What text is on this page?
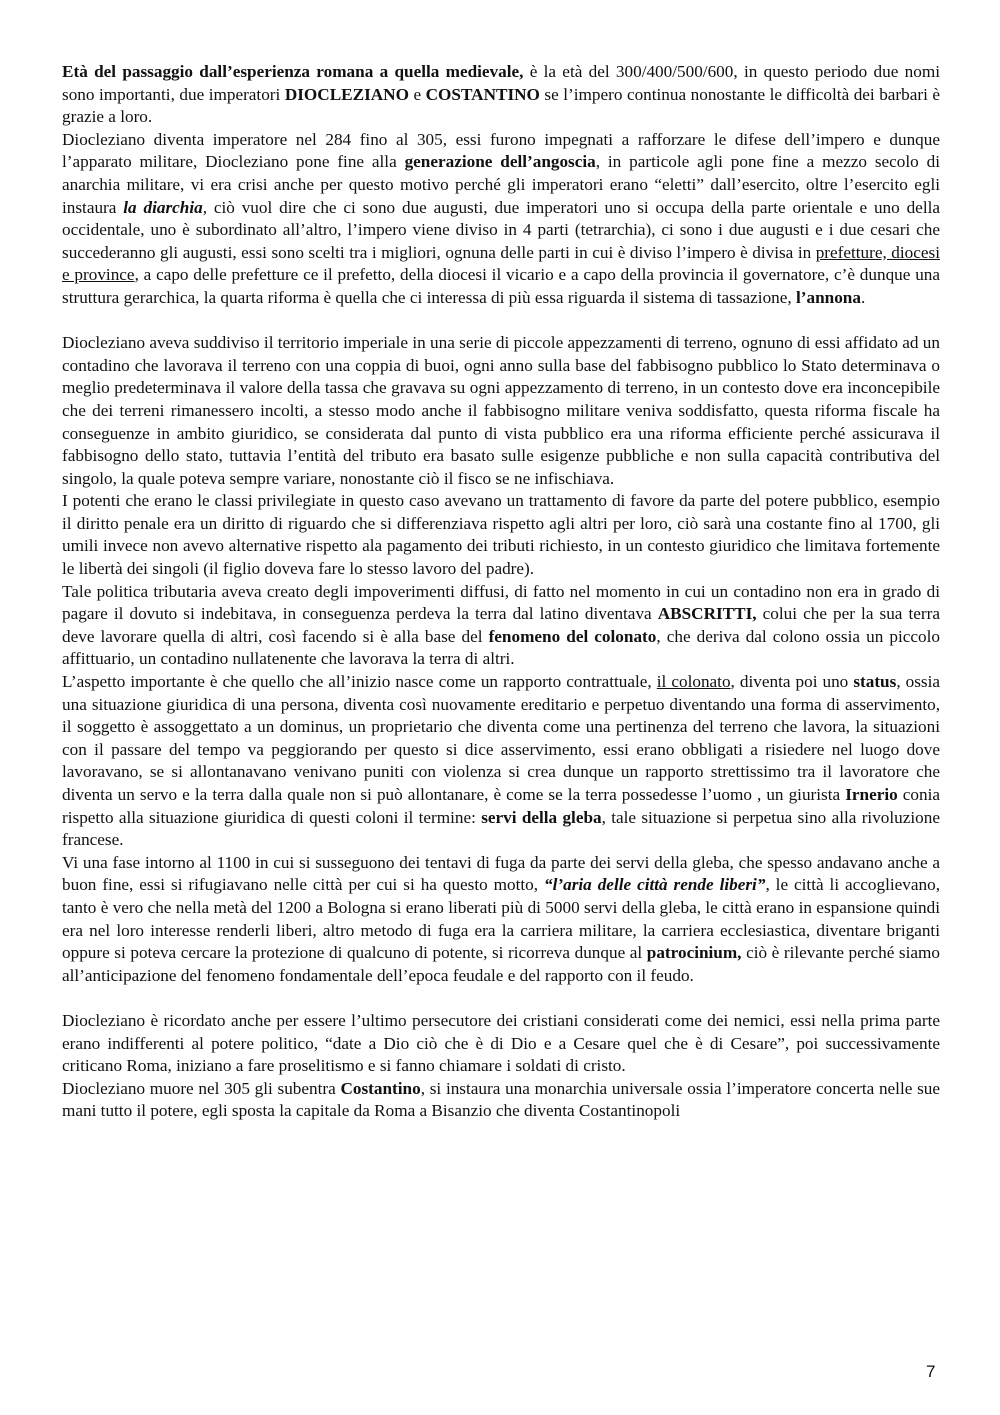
Età del passaggio dall’esperienza romana a quella medievale, è la età del 300/400/500/600, in questo periodo due nomi sono importanti, due imperatori DIOCLEZIANO e COSTANTINO se l’impero continua nonostante le difficoltà dei barbari è grazie a loro.

Diocleziano diventa imperatore nel 284 fino al 305, essi furono impegnati a rafforzare le difese dell’impero e dunque l’apparato militare, Diocleziano pone fine alla generazione dell’angoscia, in particole agli pone fine a mezzo secolo di anarchia militare, vi era crisi anche per questo motivo perché gli imperatori erano “eletti” dall’esercito, oltre l’esercito egli instaura la diarchia, ciò vuol dire che ci sono due augusti, due imperatori uno si occupa della parte orientale e uno della occidentale, uno è subordinato all’altro, l’impero viene diviso in 4 parti (tetrarchia), ci sono i due augusti e i due cesari che succederanno gli augusti, essi sono scelti tra i migliori, ognuna delle parti in cui è diviso l’impero è divisa in prefetture, diocesi e province, a capo delle prefetture ce il prefetto, della diocesi il vicario e a capo della provincia il governatore, c’è dunque una struttura gerarchica, la quarta riforma è quella che ci interessa di più essa riguarda il sistema di tassazione, l’annona.

Diocleziano aveva suddiviso il territorio imperiale in una serie di piccole appezzamenti di terreno, ognuno di essi affidato ad un contadino che lavorava il terreno con una coppia di buoi, ogni anno sulla base del fabbisogno pubblico lo Stato determinava o meglio predeterminava il valore della tassa che gravava su ogni appezzamento di terreno, in un contesto dove era inconcepibile che dei terreni rimanessero incolti, a stesso modo anche il fabbisogno militare veniva soddisfatto, questa riforma fiscale ha conseguenze in ambito giuridico, se considerata dal punto di vista pubblico era una riforma efficiente perché assicurava il fabbisogno dello stato, tuttavia l’entità del tributo era basato sulle esigenze pubbliche e non sulla capacità contributiva del singolo, la quale poteva sempre variare, nonostante ciò il fisco se ne infischiava.

I potenti che erano le classi privilegiate in questo caso avevano un trattamento di favore da parte del potere pubblico, esempio il diritto penale era un diritto di riguardo che si differenziava rispetto agli altri per loro, ciò sarà una costante fino al 1700, gli umili invece non avevo alternative rispetto ala pagamento dei tributi richiesto, in un contesto giuridico che limitava fortemente le libertà dei singoli (il figlio doveva fare lo stesso lavoro del padre).

Tale politica tributaria aveva creato degli impoverimenti diffusi, di fatto nel momento in cui un contadino non era in grado di pagare il dovuto si indebitava, in conseguenza perdeva la terra dal latino diventava ABSCRITTI, colui che per la sua terra deve lavorare quella di altri, così facendo si è alla base del fenomeno del colonato, che deriva dal colono ossia un piccolo affittuario, un contadino nullatenente che lavorava la terra di altri.

L’aspetto importante è che quello che all’inizio nasce come un rapporto contrattuale, il colonato, diventa poi uno status, ossia una situazione giuridica di una persona, diventa così nuovamente ereditario e perpetuo diventando una forma di asservimento, il soggetto è assoggettato a un dominus, un proprietario che diventa come una pertinenza del terreno che lavora, la situazioni con il passare del tempo va peggiorando per questo si dice asservimento, essi erano obbligati a risiedere nel luogo dove lavoravano, se si allontanavano venivano puniti con violenza si crea dunque un rapporto strettissimo tra il lavoratore che diventa un servo e la terra dalla quale non si può allontanare, è come se la terra possedesse l’uomo , un giurista Irnerio conia rispetto alla situazione giuridica di questi coloni il termine: servi della gleba, tale situazione si perpetua sino alla rivoluzione francese.

Vi una fase intorno al 1100 in cui si susseguono dei tentavi di fuga da parte dei servi della gleba, che spesso andavano anche a buon fine, essi si rifugiavano nelle città per cui si ha questo motto, “l’aria delle città rende liberi”, le città li accoglievano, tanto è vero che nella metà del 1200 a Bologna si erano liberati più di 5000 servi della gleba, le città erano in espansione quindi era nel loro interesse renderli liberi, altro metodo di fuga era la carriera militare, la carriera ecclesiastica, diventare briganti oppure si poteva cercare la protezione di qualcuno di potente, si ricorreva dunque al patrocinium, ciò è rilevante perché siamo all’anticipazione del fenomeno fondamentale dell’epoca feudale e del rapporto con il feudo.

Diocleziano è ricordato anche per essere l’ultimo persecutore dei cristiani considerati come dei nemici, essi nella prima parte erano indifferenti al potere politico, “date a Dio ciò che è di Dio e a Cesare quel che è di Cesare”, poi successivamente criticano Roma, iniziano a fare proselitismo e si fanno chiamare i soldati di cristo.

Diocleziano muore nel 305 gli subentra Costantino, si instaura una monarchia universale ossia l’imperatore concerta nelle sue mani tutto il potere, egli sposta la capitale da Roma a Bisanzio che diventa Costantinopoli

7
